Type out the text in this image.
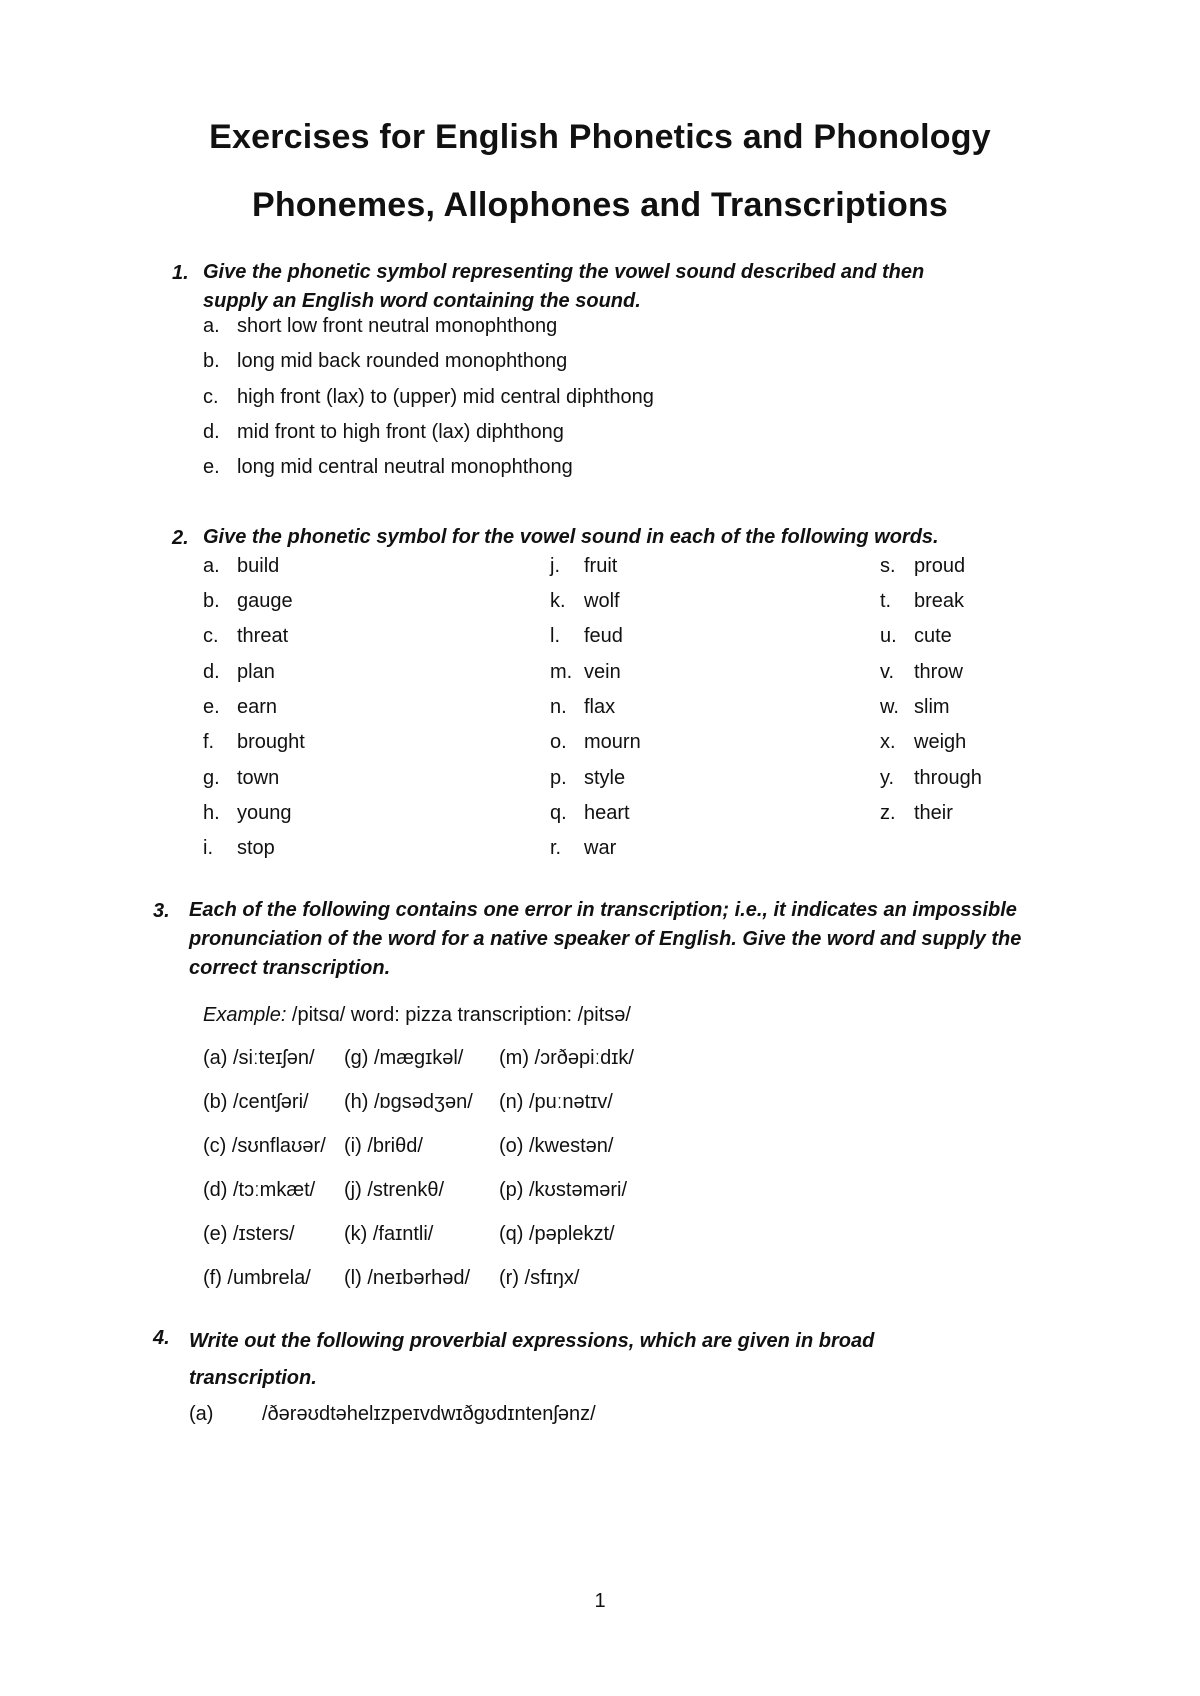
Exercises for English Phonetics and Phonology
Phonemes, Allophones and Transcriptions
1. Give the phonetic symbol representing the vowel sound described and then supply an English word containing the sound.
a. short low front neutral monophthong
b. long mid back rounded monophthong
c. high front (lax) to (upper) mid central diphthong
d. mid front to high front (lax) diphthong
e. long mid central neutral monophthong
2. Give the phonetic symbol for the vowel sound in each of the following words.
a. build
b. gauge
c. threat
d. plan
e. earn
f. brought
g. town
h. young
i. stop
j. fruit
k. wolf
l. feud
m. vein
n. flax
o. mourn
p. style
q. heart
r. war
s. proud
t. break
u. cute
v. throw
w. slim
x. weigh
y. through
z. their
3. Each of the following contains one error in transcription; i.e., it indicates an impossible pronunciation of the word for a native speaker of English. Give the word and supply the correct transcription.
Example: /pitsɑ/ word: pizza transcription: /pitsə/
(a) /siːteɪʃən/ (g) /mæɡɪkəl/ (m) /ɔrðəpiːdɪk/
(b) /centʃəri/ (h) /ɒɡsədʒən/ (n) /puːnətɪv/
(c) /sʊnflaʊər/ (i) /briθd/	(o) /kwestən/
(d) /tɔːmkæt/ (j) /strenkθ/	(p) /kʊstəməri/
(e) /ɪsters/ (k) /faɪntli/	(q) /pəplekzt/
(f) /umbrela/ (l) /neɪbərhəd/ (r) /sfɪŋx/
4. Write out the following proverbial expressions, which are given in broad transcription.
(a) /ðərəʊdtəhelɪzpeɪvdwɪðɡʊdɪntenʃənz/
1
